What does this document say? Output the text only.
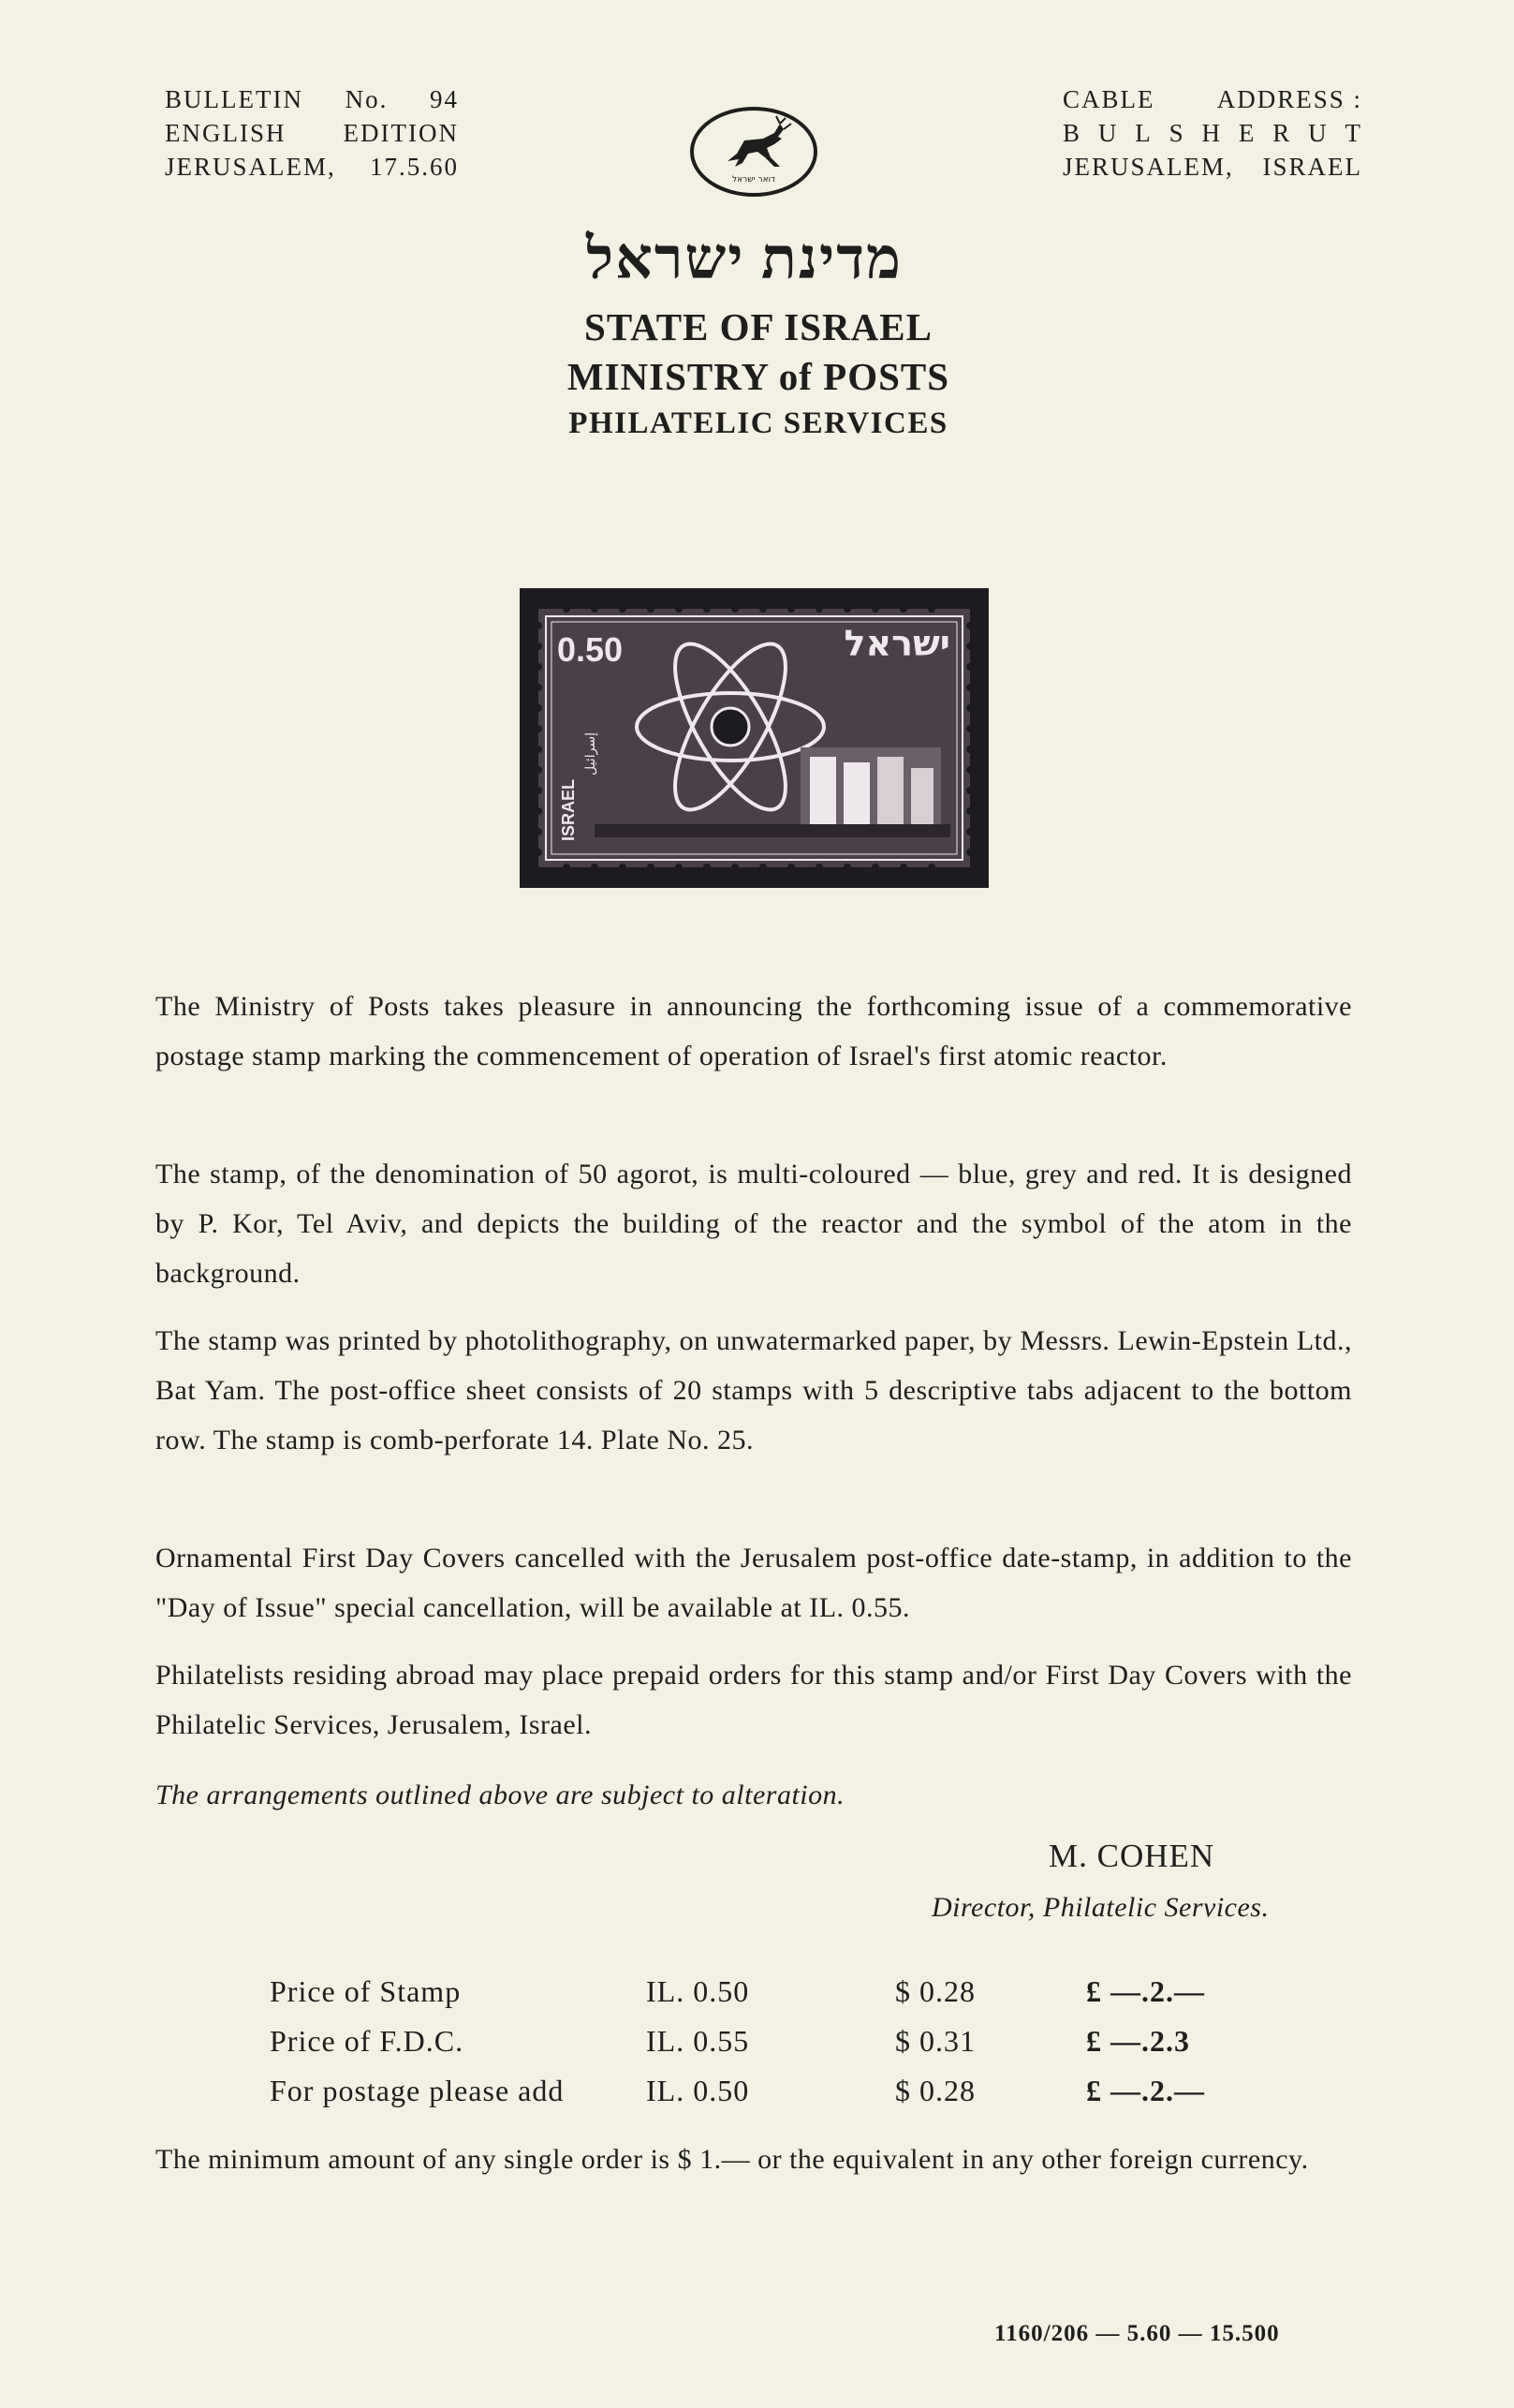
BULLETIN No. 94
ENGLISH EDITION
JERUSALEM, 17.5.60
CABLE ADDRESS :
B U L S H E R U T
JERUSALEM, ISRAEL
דואר ישראל
מדינת ישראל
STATE OF ISRAEL
MINISTRY of POSTS
PHILATELIC SERVICES
0.50	ישראל
ISRAEL
إسرائيل
The Ministry of Posts takes pleasure in announcing the forthcoming issue of a commemorative postage stamp marking the commencement of operation of Israel's first atomic reactor.
The stamp, of the denomination of 50 agorot, is multi-coloured — blue, grey and red. It is designed by P. Kor, Tel Aviv, and depicts the building of the reactor and the symbol of the atom in the background.
The stamp was printed by photolithography, on unwatermarked paper, by Messrs. Lewin-Epstein Ltd., Bat Yam. The post-office sheet consists of 20 stamps with 5 descriptive tabs adjacent to the bottom row. The stamp is comb-perforate 14. Plate No. 25.
Ornamental First Day Covers cancelled with the Jerusalem post-office date-stamp, in addition to the "Day of Issue" special cancellation, will be available at IL. 0.55.
Philatelists residing abroad may place prepaid orders for this stamp and/or First Day Covers with the Philatelic Services, Jerusalem, Israel.
The arrangements outlined above are subject to alteration.
M. COHEN
Director, Philatelic Services.
Price of Stamp	IL. 0.50	$ 0.28	£ —.2.—
Price of F.D.C.	IL. 0.55	$ 0.31	£ —.2.3
For postage please add	IL. 0.50	$ 0.28	£ —.2.—
The minimum amount of any single order is $ 1.— or the equivalent in any other foreign currency.
1160/206 — 5.60 — 15.500
